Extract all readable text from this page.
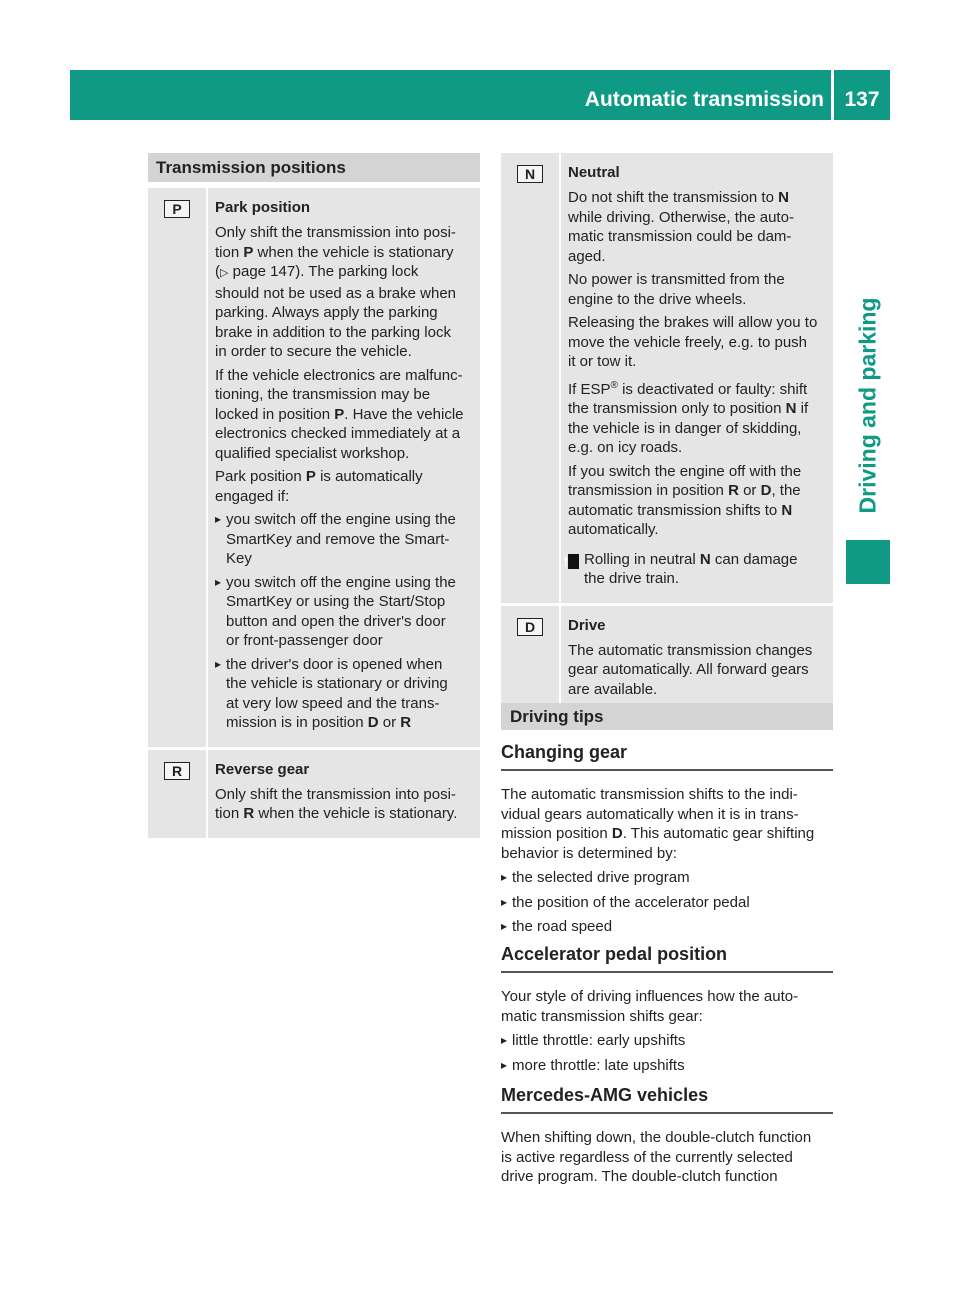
Automatic transmission 137
Driving and parking
Transmission positions
P	Park position
Only shift the transmission into posi-
tion P when the vehicle is stationary
(▷ page 147). The parking lock
should not be used as a brake when
parking. Always apply the parking
brake in addition to the parking lock
in order to secure the vehicle.
If the vehicle electronics are malfunc-
tioning, the transmission may be
locked in position P. Have the vehicle
electronics checked immediately at a
qualified specialist workshop.
Park position P is automatically
engaged if:
▸ you switch off the engine using the
SmartKey and remove the Smart-
Key
▸ you switch off the engine using the
SmartKey or using the Start/Stop
button and open the driver's door
or front-passenger door
▸ the driver's door is opened when
the vehicle is stationary or driving
at very low speed and the trans-
mission is in position D or R
R	Reverse gear
Only shift the transmission into posi-
tion R when the vehicle is stationary.
N	Neutral
Do not shift the transmission to N
while driving. Otherwise, the auto-
matic transmission could be dam-
aged.
No power is transmitted from the
engine to the drive wheels.
Releasing the brakes will allow you to
move the vehicle freely, e.g. to push
it or tow it.
If ESP® is deactivated or faulty: shift
the transmission only to position N if
the vehicle is in danger of skidding,
e.g. on icy roads.
If you switch the engine off with the
transmission in position R or D, the
automatic transmission shifts to N
automatically.
! Rolling in neutral N can damage
the drive train.
D	Drive
The automatic transmission changes
gear automatically. All forward gears
are available.
Driving tips
Changing gear
The automatic transmission shifts to the indi-
vidual gears automatically when it is in trans-
mission position D. This automatic gear shifting
behavior is determined by:
▸ the selected drive program
▸ the position of the accelerator pedal
▸ the road speed
Accelerator pedal position
Your style of driving influences how the auto-
matic transmission shifts gear:
▸ little throttle: early upshifts
▸ more throttle: late upshifts
Mercedes-AMG vehicles
When shifting down, the double-clutch function
is active regardless of the currently selected
drive program. The double-clutch function
